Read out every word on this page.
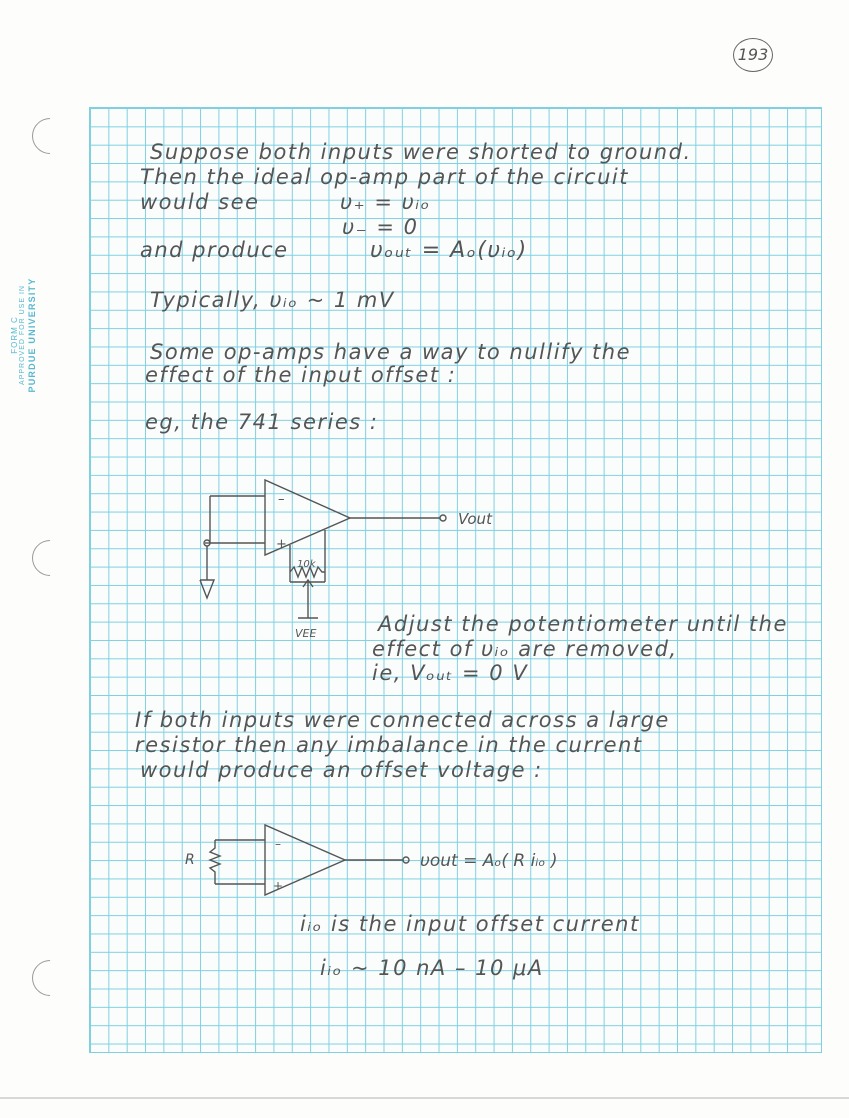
FORM C APPROVED FOR USE IN PURDUE UNIVERSITY
193
Suppose both inputs were shorted to ground.
Then the ideal op-amp part of the circuit
would see	υ₊ = υᵢₒ
υ₋ = 0
and produce	υₒᵤₜ = Aₒ(υᵢₒ)
Typically, υᵢₒ ~ 1 mV
Some op-amps have a way to nullify the
effect of the input offset :
eg, the 741 series :
–
+
Vout
10k
VEE	Adjust the potentiometer until the
effect of υᵢₒ are removed,
ie, Vₒᵤₜ = 0 V
If both inputs were connected across a large
resistor then any imbalance in the current
would produce an offset voltage :
–
+
R	υout = Aₒ( R iᵢₒ )
iᵢₒ is the input offset current
iᵢₒ ~ 10 nA – 10 μA
